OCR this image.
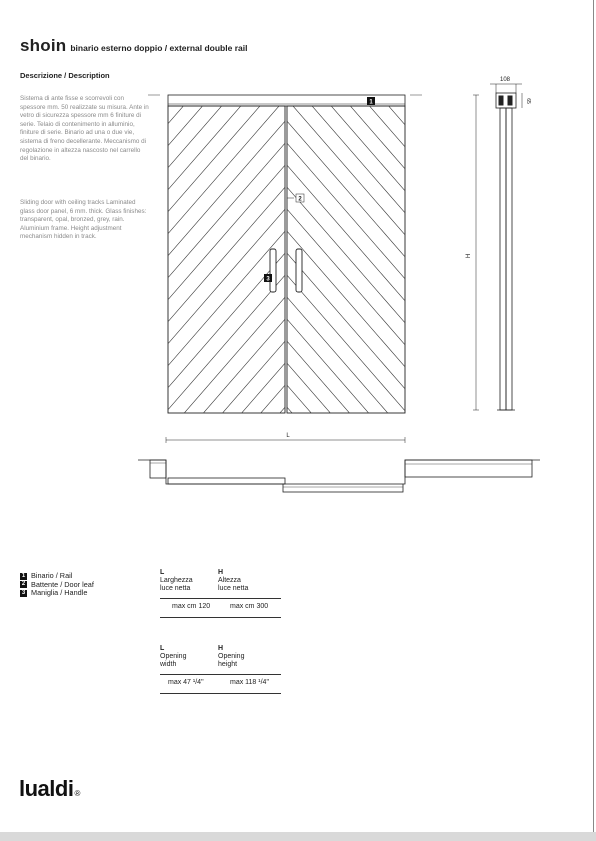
shoin binario esterno doppio / external double rail
Descrizione / Description
Sistema di ante fisse e scorrevoli con spessore mm. 50 realizzate su misura. Ante in vetro di sicurezza spessore mm 6 finiture di serie. Telaio di contenimento in alluminio, finiture di serie. Binario ad una o due vie, sistema di freno decellerante. Meccanismo di regolazione in altezza nascosto nel carrello del binario.
Sliding door with ceiling tracks Laminated glass door panel, 6 mm. thick. Glass finishes: transparent, opal, bronzed, grey, rain. Aluminium frame. Height adjustment mechanism hidden in track.
1
2
3
108
65
H
L
1 Binario / Rail
2 Battente / Door leaf
3 Maniglia / Handle
L
Larghezza
luce netta
H
Altezza
luce netta
max cm 120	max cm 300
L
Opening
width
H
Opening
height
max 47 ¹/4"	max 118 ¹/4"
lualdi®
